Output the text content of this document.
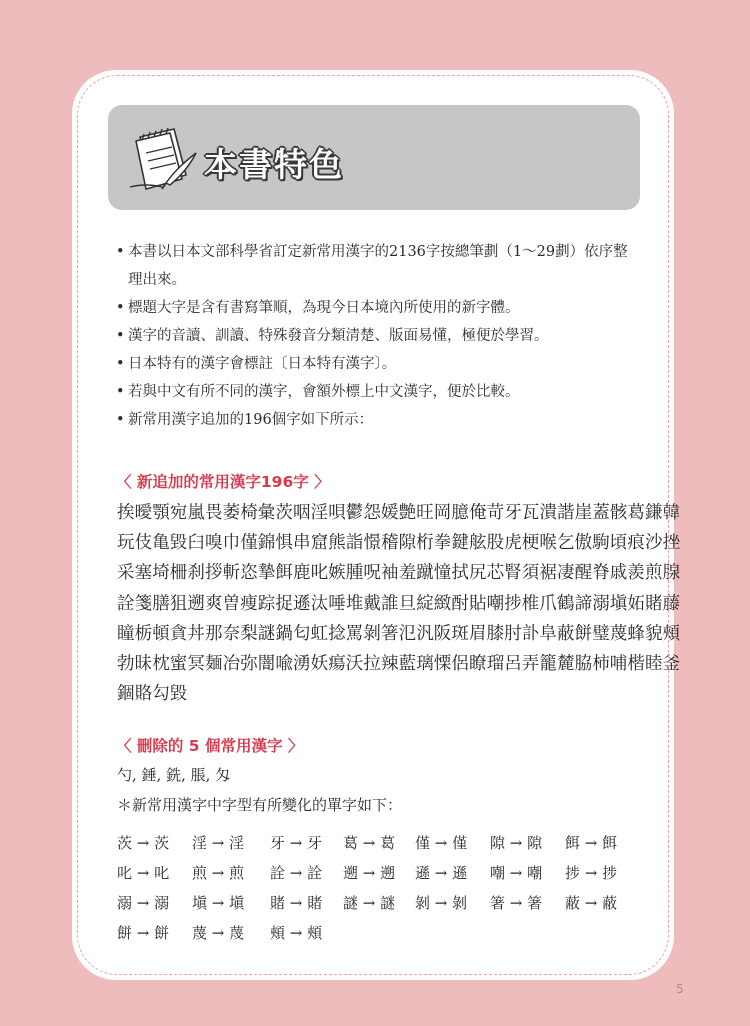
本書特色
• 本書以日本文部科學省訂定新常用漢字的2136字按總筆劃（1〜29劃）依序整
理出來。
• 標題大字是含有書寫筆順，為現今日本境內所使用的新字體。
• 漢字的音讀、訓讀、特殊發音分類清楚、版面易懂，極便於學習。
• 日本特有的漢字會標註〔日本特有漢字〕。
• 若與中文有所不同的漢字，會額外標上中文漢字，便於比較。
• 新常用漢字追加的196個字如下所示：
〈 新追加的常用漢字196字 〉
挨曖顎宛嵐畏萎椅彙茨咽淫唄鬱怨媛艶旺岡臆俺苛牙瓦潰諧崖蓋骸葛鎌韓
玩伎亀毀臼嗅巾僅錦惧串窟熊詣憬稽隙桁拳鍵舷股虎梗喉乞傲駒頃痕沙挫
采塞埼柵刹拶斬恣摯餌鹿叱嫉腫呪袖羞蹴憧拭尻芯腎須裾凄醒脊戚羨煎腺
詮箋膳狙遡爽曽痩踪捉遜汰唾堆戴誰旦綻緻酎貼嘲捗椎爪鶴諦溺塡妬賭藤
瞳栃頓貪丼那奈梨謎鍋匂虹捻罵剝箸氾汎阪斑眉膝肘訃阜蔽餅璧蔑蜂貌頰
勃昧枕蜜冥麺冶弥闇喩湧妖瘍沃拉辣藍璃慄侶瞭瑠呂弄籠麓脇柿哺楷睦釜
錮賂勾毀
〈 刪除的 5 個常用漢字 〉
勺, 錘, 銑, 脹, 匁
＊新常用漢字中字型有所變化的單字如下：
茨 → 茨 淫 → 淫 牙 → 牙 葛 → 葛 僅 → 僅 隙 → 隙 餌 → 餌
叱 → 叱 煎 → 煎 詮 → 詮 遡 → 遡 遜 → 遜 嘲 → 嘲 捗 → 捗
溺 → 溺 塡 → 塡 賭 → 賭 謎 → 謎 剝 → 剝 箸 → 箸 蔽 → 蔽
餅 → 餅 蔑 → 蔑 頰 → 頰
5
